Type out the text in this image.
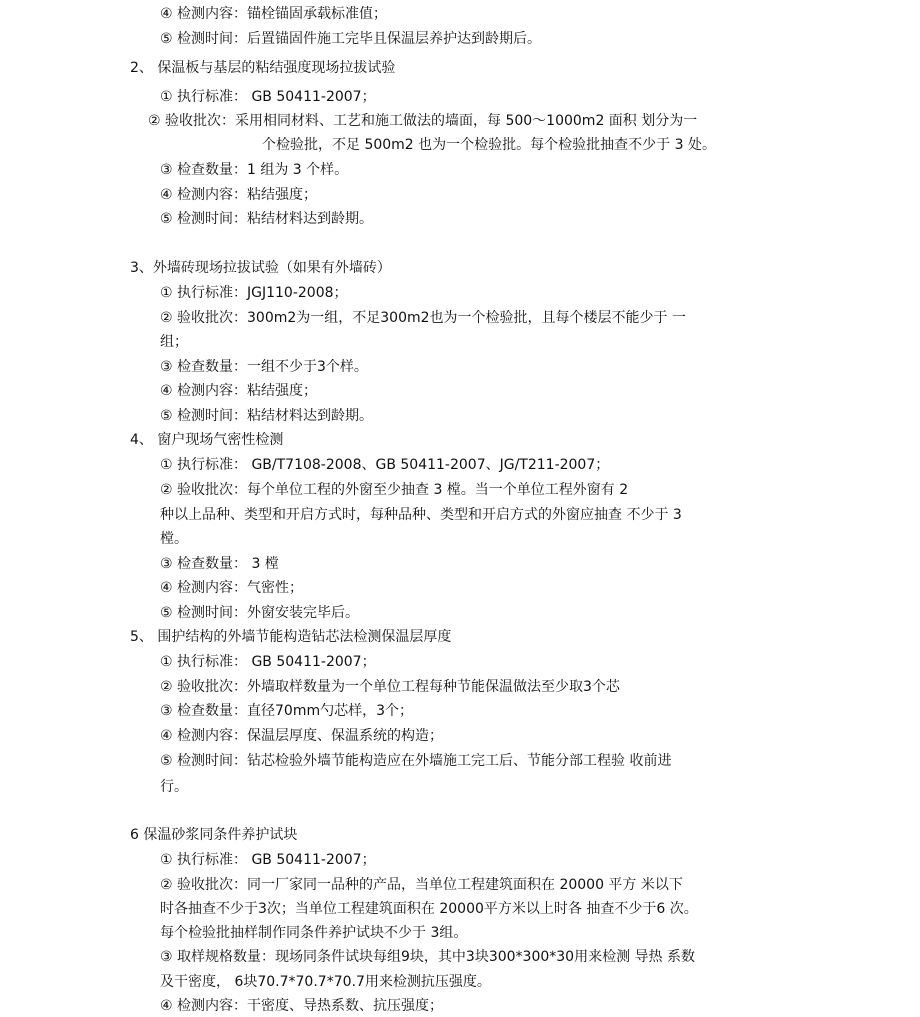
④ 检测内容：锚栓锚固承载标准值；
⑤ 检测时间：后置锚固件施工完毕且保温层养护达到龄期后。
2、 保温板与基层的粘结强度现场拉拔试验
① 执行标准： GB 50411-2007；
② 验收批次：采用相同材料、工艺和施工做法的墙面，每 500～1000m2 面积 划分为一
个检验批，不足 500m2 也为一个检验批。每个检验批抽查不少于 3 处。
③ 检查数量：1 组为 3 个样。
④ 检测内容：粘结强度；
⑤ 检测时间：粘结材料达到龄期。
3、外墙砖现场拉拔试验（如果有外墙砖）
① 执行标准：JGJ110-2008；
② 验收批次：300m2为一组，不足300m2也为一个检验批，且每个楼层不能少于 一
组；
③ 检查数量：一组不少于3个样。
④ 检测内容：粘结强度；
⑤ 检测时间：粘结材料达到龄期。
4、 窗户现场气密性检测
① 执行标准： GB/T7108-2008、GB 50411-2007、JG/T211-2007；
② 验收批次：每个单位工程的外窗至少抽查 3 樘。当一个单位工程外窗有 2
种以上品种、类型和开启方式时，每种品种、类型和开启方式的外窗应抽查 不少于 3
樘。
③ 检查数量： 3 樘
④ 检测内容：气密性；
⑤ 检测时间：外窗安装完毕后。
5、 围护结构的外墙节能构造钻芯法检测保温层厚度
① 执行标准： GB 50411-2007；
② 验收批次：外墙取样数量为一个单位工程每种节能保温做法至少取3个芯
③ 检查数量：直径70mm勺芯样，3个；
④ 检测内容：保温层厚度、保温系统的构造；
⑤ 检测时间：钻芯检验外墙节能构造应在外墙施工完工后、节能分部工程验 收前进
行。
6 保温砂浆同条件养护试块
① 执行标准： GB 50411-2007；
② 验收批次：同一厂家同一品种的产品，当单位工程建筑面积在 20000 平方 米以下
时各抽查不少于3次；当单位工程建筑面积在 20000平方米以上时各 抽查不少于6 次。
每个检验批抽样制作同条件养护试块不少于 3组。
③ 取样规格数量：现场同条件试块每组9块，其中3块300*300*30用来检测 导热 系数
及干密度， 6块70.7*70.7*70.7用来检测抗压强度。
④ 检测内容：干密度、导热系数、抗压强度；
